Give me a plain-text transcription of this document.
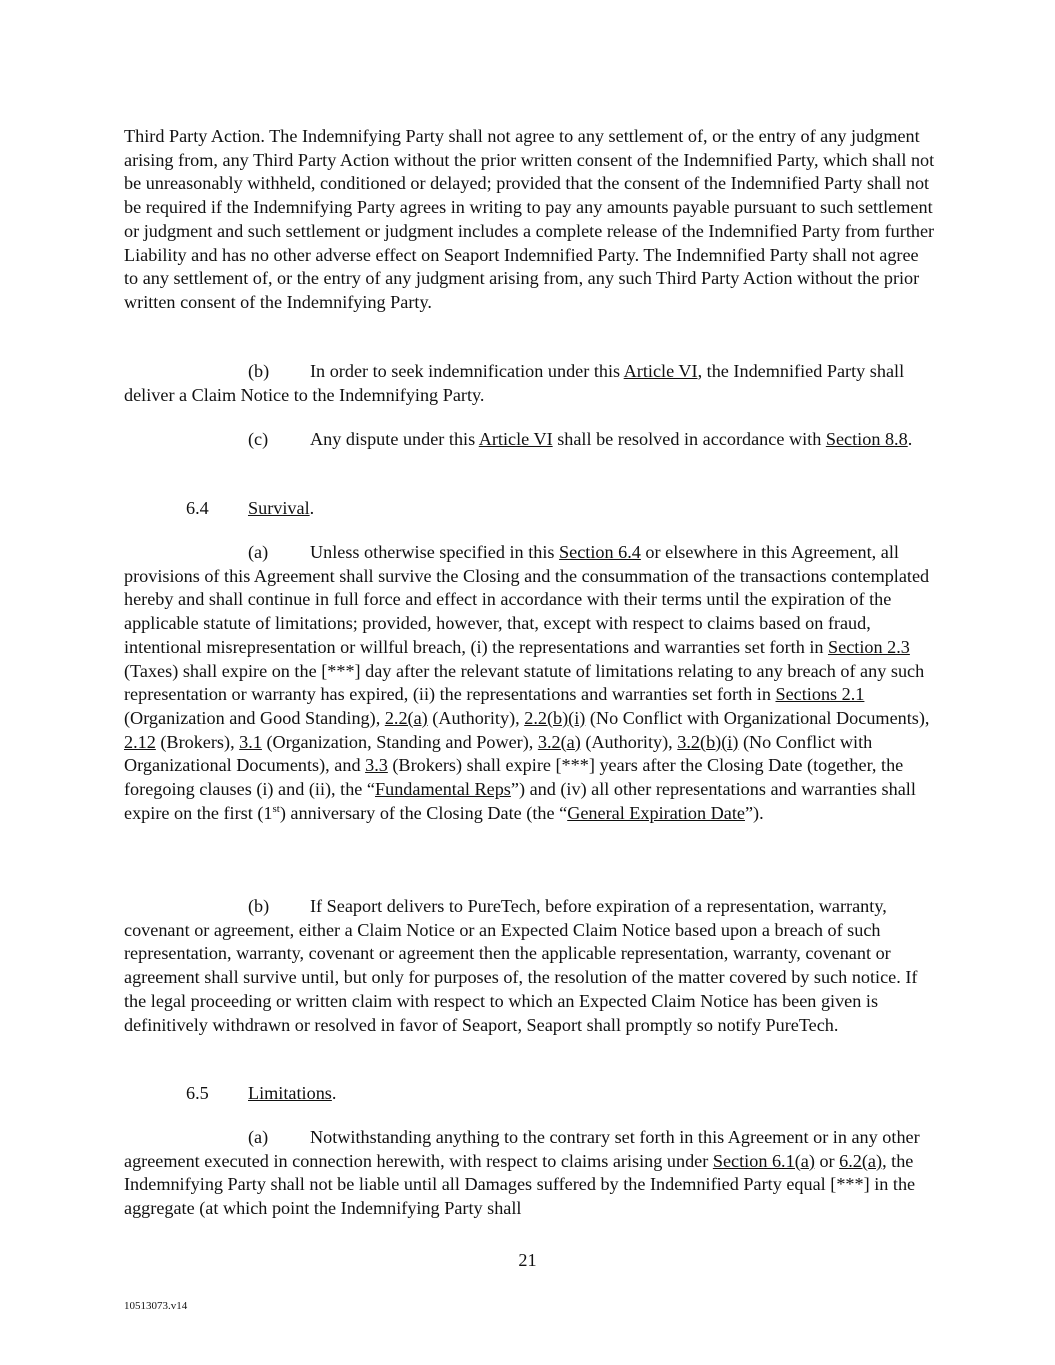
Third Party Action. The Indemnifying Party shall not agree to any settlement of, or the entry of any judgment arising from, any Third Party Action without the prior written consent of the Indemnified Party, which shall not be unreasonably withheld, conditioned or delayed; provided that the consent of the Indemnified Party shall not be required if the Indemnifying Party agrees in writing to pay any amounts payable pursuant to such settlement or judgment and such settlement or judgment includes a complete release of the Indemnified Party from further Liability and has no other adverse effect on Seaport Indemnified Party. The Indemnified Party shall not agree to any settlement of, or the entry of any judgment arising from, any such Third Party Action without the prior written consent of the Indemnifying Party.

(b) In order to seek indemnification under this Article VI, the Indemnified Party shall deliver a Claim Notice to the Indemnifying Party.

(c) Any dispute under this Article VI shall be resolved in accordance with Section 8.8.

6.4 Survival.

(a) Unless otherwise specified in this Section 6.4 or elsewhere in this Agreement, all provisions of this Agreement shall survive the Closing and the consummation of the transactions contemplated hereby and shall continue in full force and effect in accordance with their terms until the expiration of the applicable statute of limitations; provided, however, that, except with respect to claims based on fraud, intentional misrepresentation or willful breach, (i) the representations and warranties set forth in Section 2.3 (Taxes) shall expire on the [***] day after the relevant statute of limitations relating to any breach of any such representation or warranty has expired, (ii) the representations and warranties set forth in Sections 2.1 (Organization and Good Standing), 2.2(a) (Authority), 2.2(b)(i) (No Conflict with Organizational Documents), 2.12 (Brokers), 3.1 (Organization, Standing and Power), 3.2(a) (Authority), 3.2(b)(i) (No Conflict with Organizational Documents), and 3.3 (Brokers) shall expire [***] years after the Closing Date (together, the foregoing clauses (i) and (ii), the “Fundamental Reps”) and (iv) all other representations and warranties shall expire on the first (1st) anniversary of the Closing Date (the “General Expiration Date”).

(b) If Seaport delivers to PureTech, before expiration of a representation, warranty, covenant or agreement, either a Claim Notice or an Expected Claim Notice based upon a breach of such representation, warranty, covenant or agreement then the applicable representation, warranty, covenant or agreement shall survive until, but only for purposes of, the resolution of the matter covered by such notice. If the legal proceeding or written claim with respect to which an Expected Claim Notice has been given is definitively withdrawn or resolved in favor of Seaport, Seaport shall promptly so notify PureTech.

6.5 Limitations.

(a) Notwithstanding anything to the contrary set forth in this Agreement or in any other agreement executed in connection herewith, with respect to claims arising under Section 6.1(a) or 6.2(a), the Indemnifying Party shall not be liable until all Damages suffered by the Indemnified Party equal [***] in the aggregate (at which point the Indemnifying Party shall

21
10513073.v14
